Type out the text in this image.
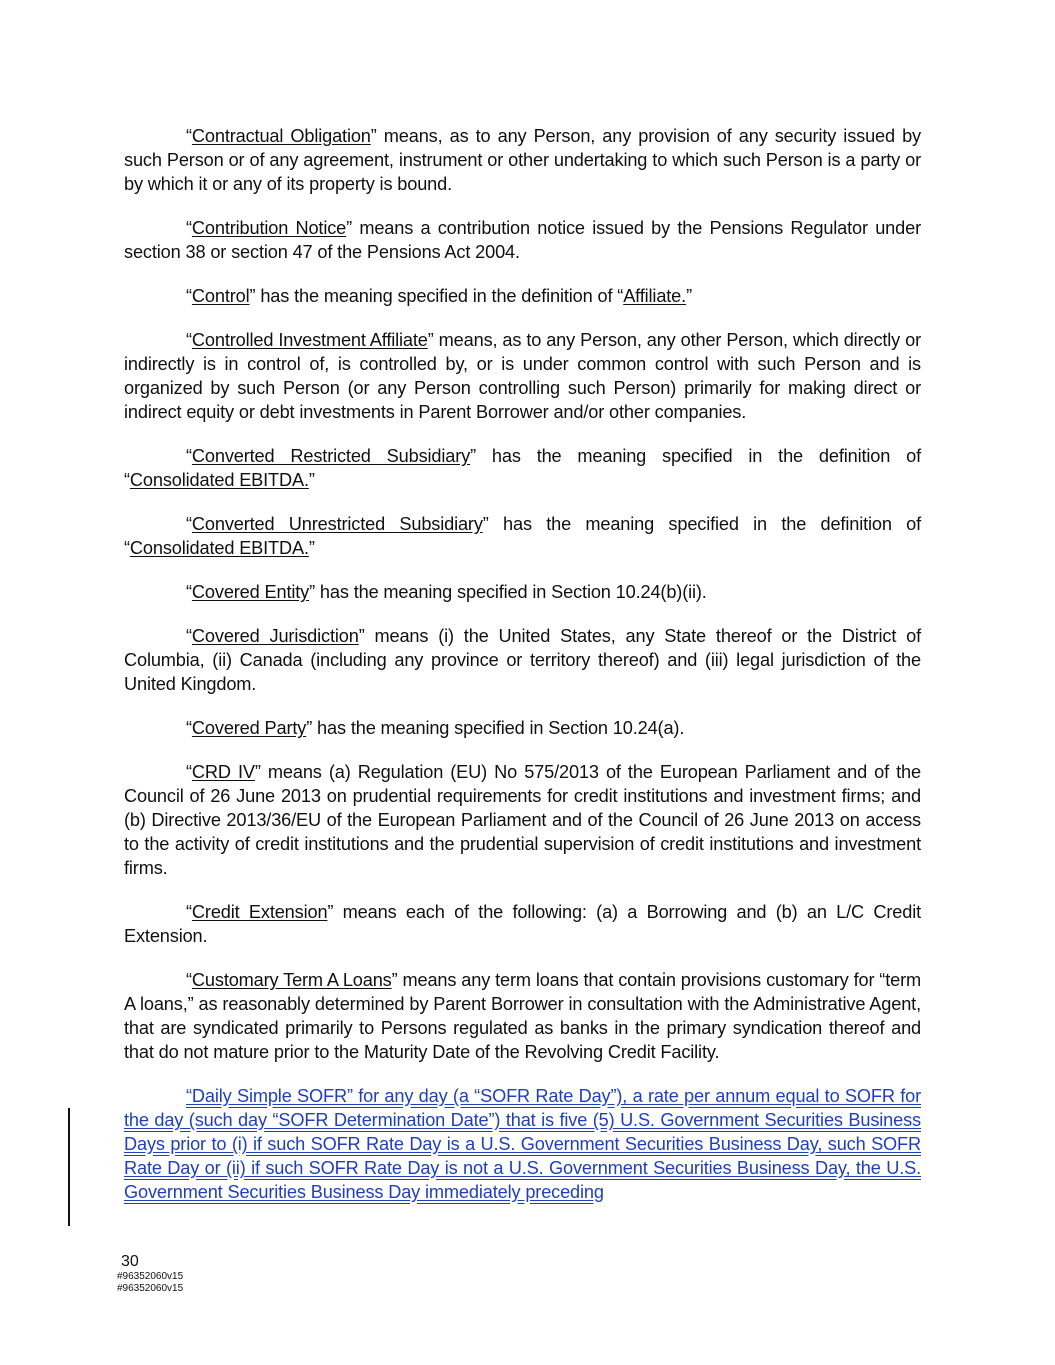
“Contractual Obligation” means, as to any Person, any provision of any security issued by such Person or of any agreement, instrument or other undertaking to which such Person is a party or by which it or any of its property is bound.

“Contribution Notice” means a contribution notice issued by the Pensions Regulator under section 38 or section 47 of the Pensions Act 2004.

“Control” has the meaning specified in the definition of “Affiliate.”

“Controlled Investment Affiliate” means, as to any Person, any other Person, which directly or indirectly is in control of, is controlled by, or is under common control with such Person and is organized by such Person (or any Person controlling such Person) primarily for making direct or indirect equity or debt investments in Parent Borrower and/or other companies.

“Converted Restricted Subsidiary” has the meaning specified in the definition of “Consolidated EBITDA.”

“Converted Unrestricted Subsidiary” has the meaning specified in the definition of “Consolidated EBITDA.”

“Covered Entity” has the meaning specified in Section 10.24(b)(ii).

“Covered Jurisdiction” means (i) the United States, any State thereof or the District of Columbia, (ii) Canada (including any province or territory thereof) and (iii) legal jurisdiction of the United Kingdom.

“Covered Party” has the meaning specified in Section 10.24(a).

“CRD IV” means (a) Regulation (EU) No 575/2013 of the European Parliament and of the Council of 26 June 2013 on prudential requirements for credit institutions and investment firms; and (b) Directive 2013/36/EU of the European Parliament and of the Council of 26 June 2013 on access to the activity of credit institutions and the prudential supervision of credit institutions and investment firms.

“Credit Extension” means each of the following: (a) a Borrowing and (b) an L/C Credit Extension.

“Customary Term A Loans” means any term loans that contain provisions customary for “term A loans,” as reasonably determined by Parent Borrower in consultation with the Administrative Agent, that are syndicated primarily to Persons regulated as banks in the primary syndication thereof and that do not mature prior to the Maturity Date of the Revolving Credit Facility.

“Daily Simple SOFR” for any day (a “SOFR Rate Day”), a rate per annum equal to SOFR for the day (such day “SOFR Determination Date”) that is five (5) U.S. Government Securities Business Days prior to (i) if such SOFR Rate Day is a U.S. Government Securities Business Day, such SOFR Rate Day or (ii) if such SOFR Rate Day is not a U.S. Government Securities Business Day, the U.S. Government Securities Business Day immediately preceding

30
#96352060v15
#96352060v15
